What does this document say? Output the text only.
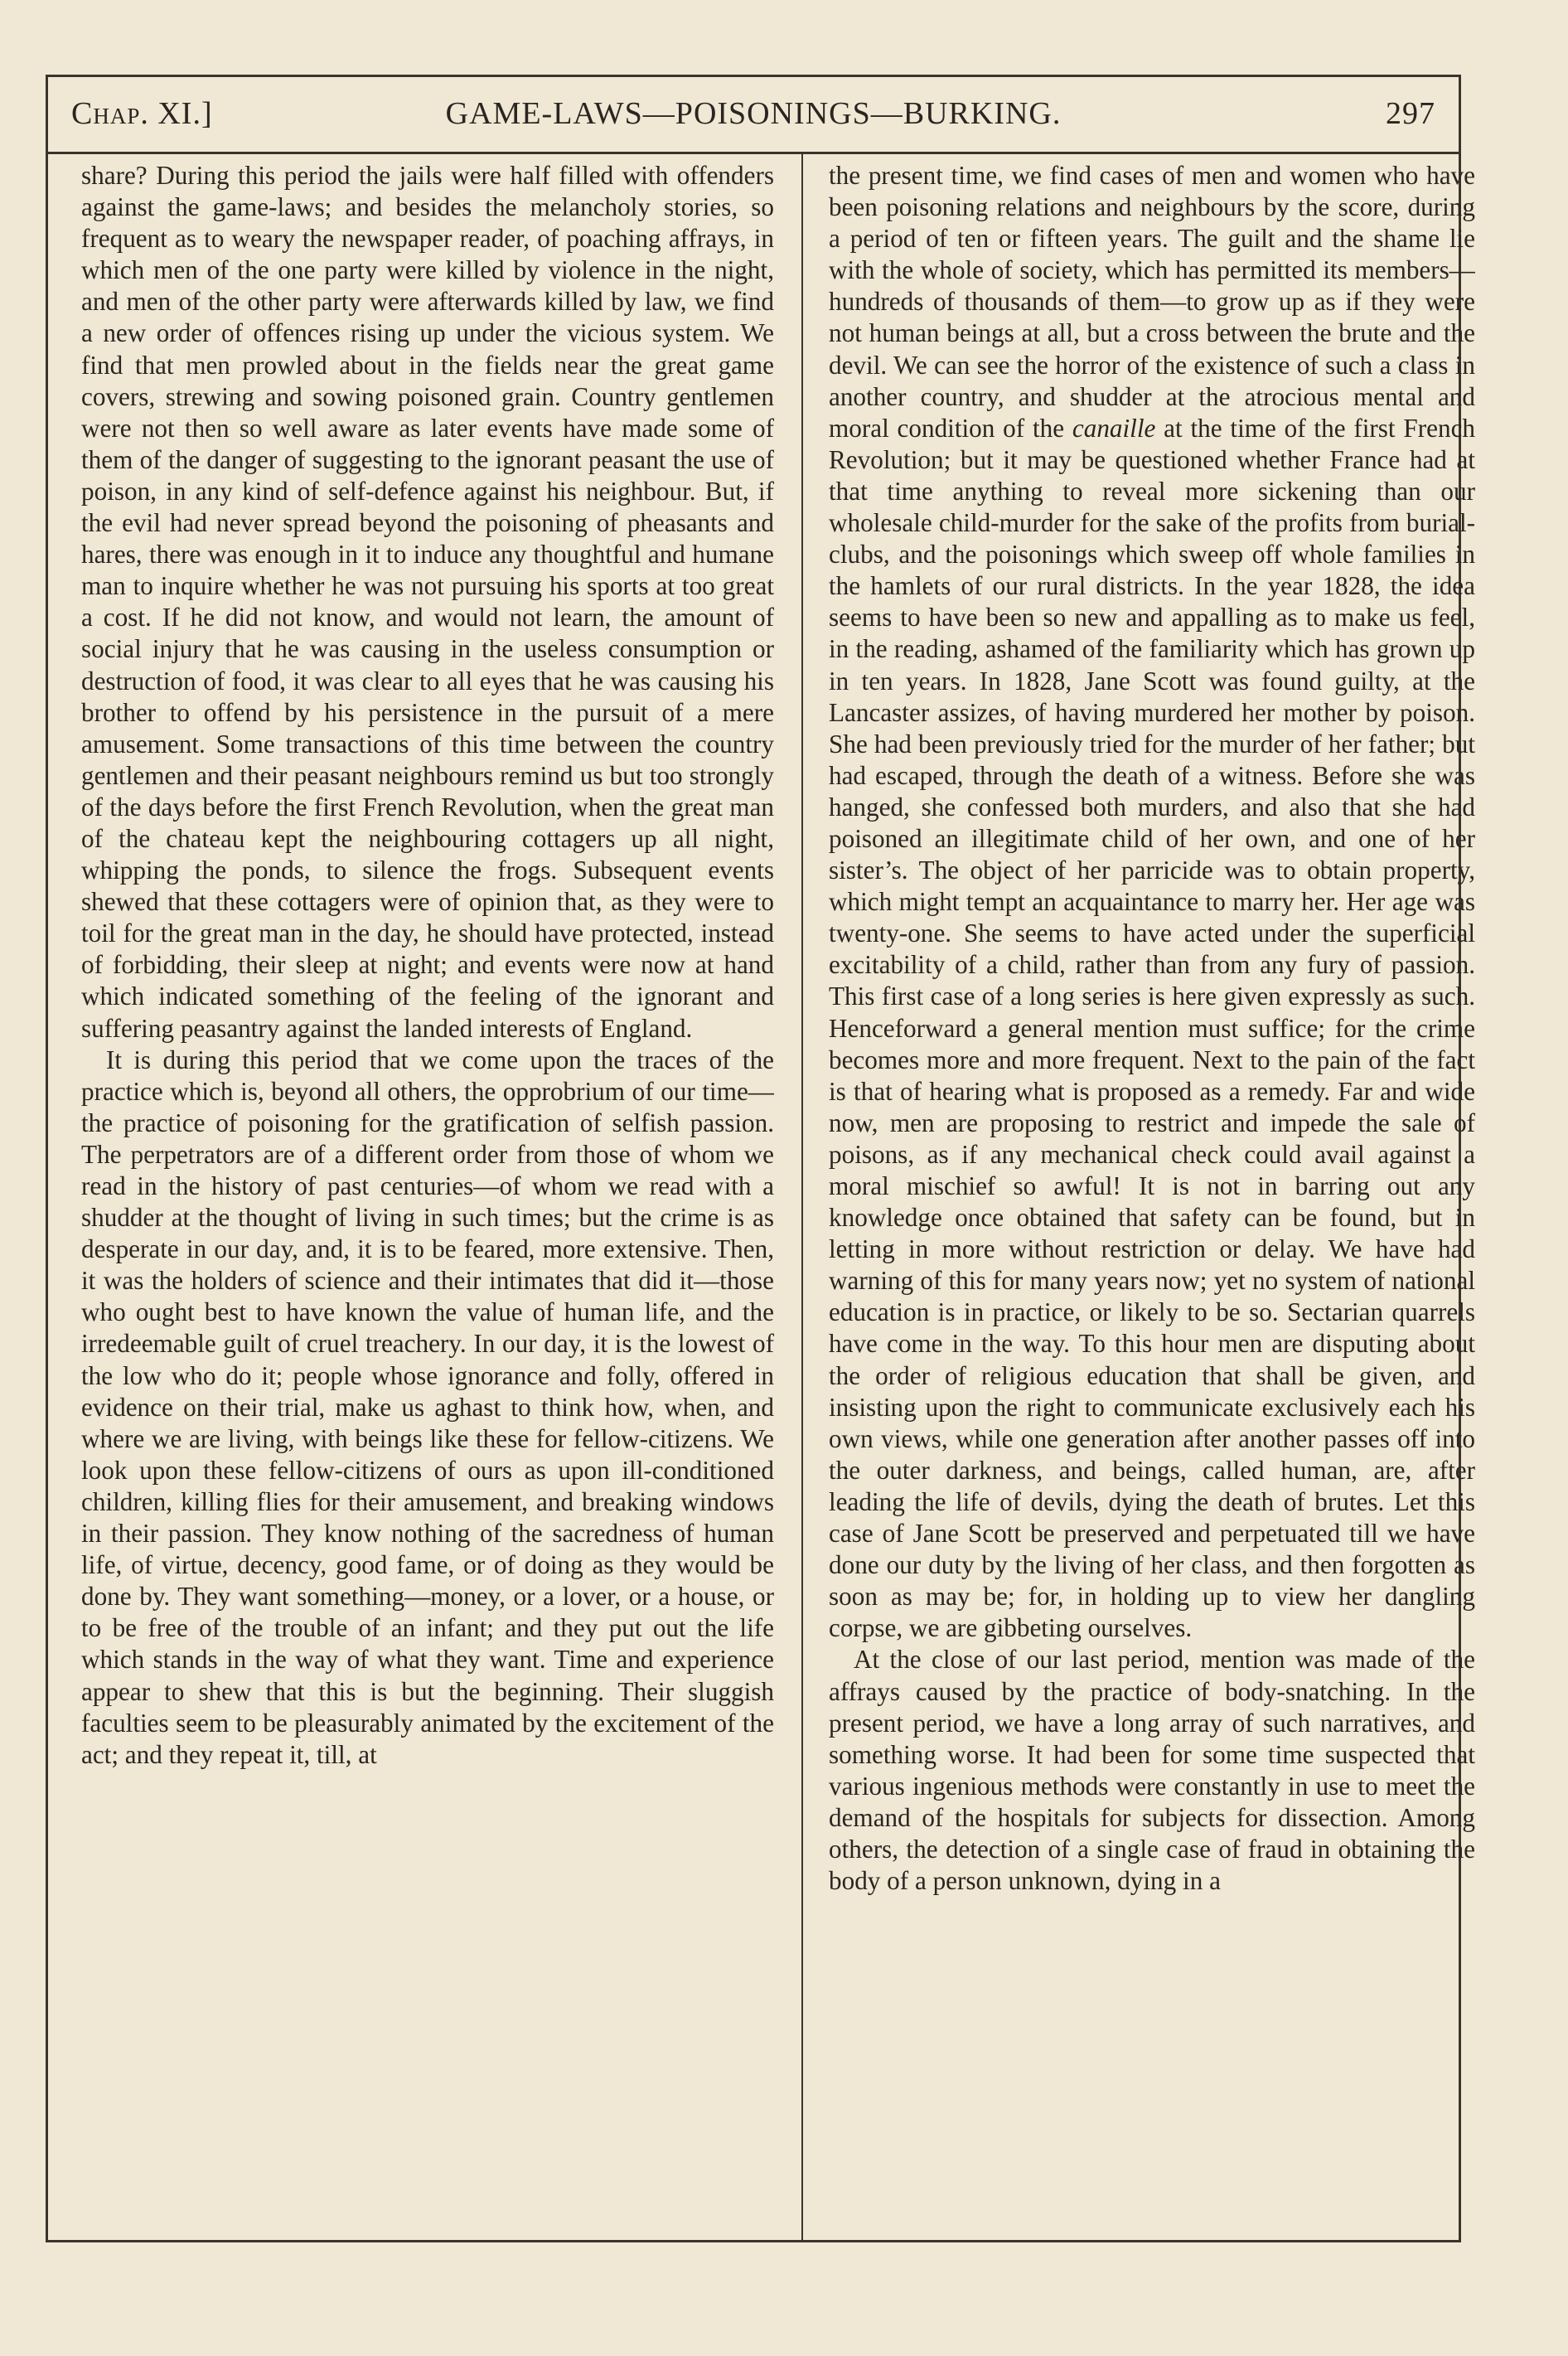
Chap. XI.]	GAME-LAWS—POISONINGS—BURKING.	297

share? During this period the jails were half filled with offenders against the game-laws; and besides the melancholy stories, so frequent as to weary the newspaper reader, of poaching affrays, in which men of the one party were killed by violence in the night, and men of the other party were afterwards killed by law, we find a new order of offences rising up under the vicious system. We find that men prowled about in the fields near the great game covers, strewing and sowing poisoned grain. Country gentlemen were not then so well aware as later events have made some of them of the danger of suggesting to the ignorant peasant the use of poison, in any kind of self-defence against his neighbour. But, if the evil had never spread beyond the poisoning of pheasants and hares, there was enough in it to induce any thoughtful and humane man to inquire whether he was not pursuing his sports at too great a cost. If he did not know, and would not learn, the amount of social injury that he was causing in the useless consumption or destruction of food, it was clear to all eyes that he was causing his brother to offend by his persistence in the pursuit of a mere amusement. Some transactions of this time between the country gentlemen and their peasant neighbours remind us but too strongly of the days before the first French Revolution, when the great man of the chateau kept the neighbouring cottagers up all night, whipping the ponds, to silence the frogs. Subsequent events shewed that these cottagers were of opinion that, as they were to toil for the great man in the day, he should have protected, instead of forbidding, their sleep at night; and events were now at hand which indicated something of the feeling of the ignorant and suffering peasantry against the landed interests of England.

It is during this period that we come upon the traces of the practice which is, beyond all others, the opprobrium of our time—the practice of poisoning for the gratification of selfish passion. The perpetrators are of a different order from those of whom we read in the history of past centuries—of whom we read with a shudder at the thought of living in such times; but the crime is as desperate in our day, and, it is to be feared, more extensive. Then, it was the holders of science and their intimates that did it—those who ought best to have known the value of human life, and the irredeemable guilt of cruel treachery. In our day, it is the lowest of the low who do it; people whose ignorance and folly, offered in evidence on their trial, make us aghast to think how, when, and where we are living, with beings like these for fellow-citizens. We look upon these fellow-citizens of ours as upon ill-conditioned children, killing flies for their amusement, and breaking windows in their passion. They know nothing of the sacredness of human life, of virtue, decency, good fame, or of doing as they would be done by. They want something—money, or a lover, or a house, or to be free of the trouble of an infant; and they put out the life which stands in the way of what they want. Time and experience appear to shew that this is but the beginning. Their sluggish faculties seem to be pleasurably animated by the excitement of the act; and they repeat it, till, at

the present time, we find cases of men and women who have been poisoning relations and neighbours by the score, during a period of ten or fifteen years. The guilt and the shame lie with the whole of society, which has permitted its members—hundreds of thousands of them—to grow up as if they were not human beings at all, but a cross between the brute and the devil. We can see the horror of the existence of such a class in another country, and shudder at the atrocious mental and moral condition of the canaille at the time of the first French Revolution; but it may be questioned whether France had at that time anything to reveal more sickening than our wholesale child-murder for the sake of the profits from burial-clubs, and the poisonings which sweep off whole families in the hamlets of our rural districts. In the year 1828, the idea seems to have been so new and appalling as to make us feel, in the reading, ashamed of the familiarity which has grown up in ten years. In 1828, Jane Scott was found guilty, at the Lancaster assizes, of having murdered her mother by poison. She had been previously tried for the murder of her father; but had escaped, through the death of a witness. Before she was hanged, she confessed both murders, and also that she had poisoned an illegitimate child of her own, and one of her sister’s. The object of her parricide was to obtain property, which might tempt an acquaintance to marry her. Her age was twenty-one. She seems to have acted under the superficial excitability of a child, rather than from any fury of passion. This first case of a long series is here given expressly as such. Henceforward a general mention must suffice; for the crime becomes more and more frequent. Next to the pain of the fact is that of hearing what is proposed as a remedy. Far and wide now, men are proposing to restrict and impede the sale of poisons, as if any mechanical check could avail against a moral mischief so awful! It is not in barring out any knowledge once obtained that safety can be found, but in letting in more without restriction or delay. We have had warning of this for many years now; yet no system of national education is in practice, or likely to be so. Sectarian quarrels have come in the way. To this hour men are disputing about the order of religious education that shall be given, and insisting upon the right to communicate exclusively each his own views, while one generation after another passes off into the outer darkness, and beings, called human, are, after leading the life of devils, dying the death of brutes. Let this case of Jane Scott be preserved and perpetuated till we have done our duty by the living of her class, and then forgotten as soon as may be; for, in holding up to view her dangling corpse, we are gibbeting ourselves.

At the close of our last period, mention was made of the affrays caused by the practice of body-snatching. In the present period, we have a long array of such narratives, and something worse. It had been for some time suspected that various ingenious methods were constantly in use to meet the demand of the hospitals for subjects for dissection. Among others, the detection of a single case of fraud in obtaining the body of a person unknown, dying in a
